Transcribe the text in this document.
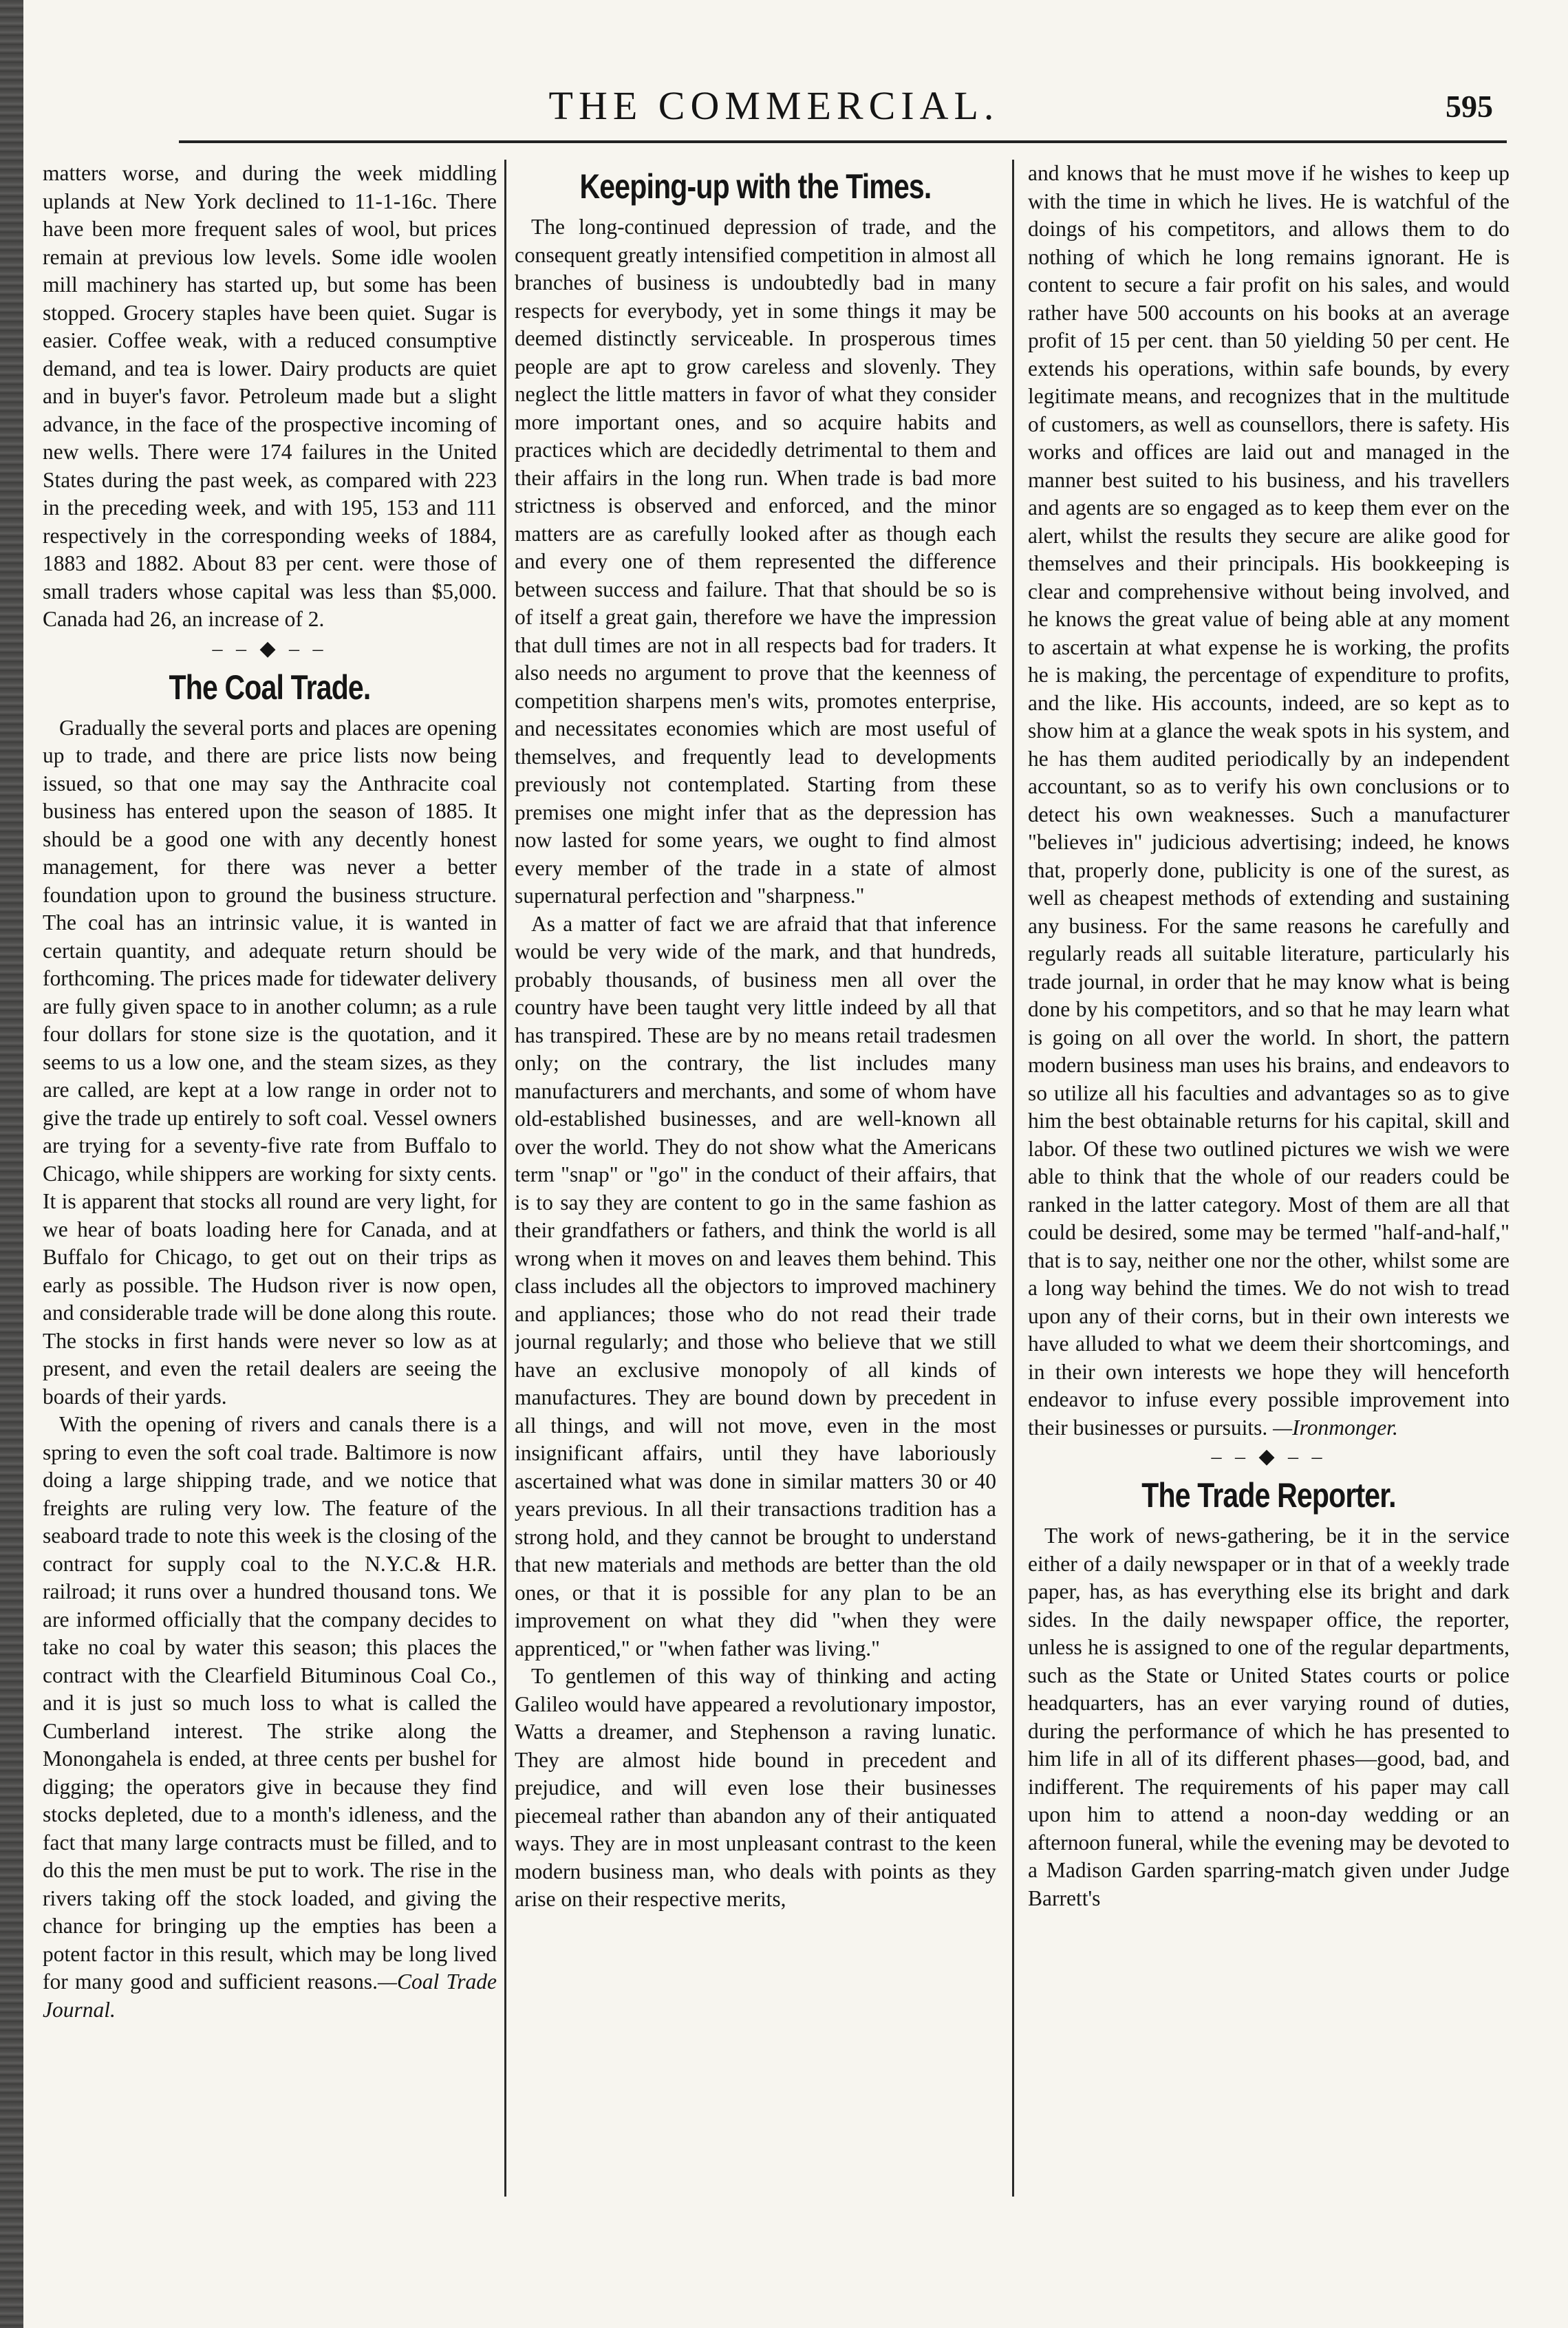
THE COMMERCIAL.	595

matters worse, and during the week middling uplands at New York declined to 11-1-16c. There have been more frequent sales of wool, but prices remain at previous low levels. Some idle woolen mill machinery has started up, but some has been stopped. Grocery staples have been quiet. Sugar is easier. Coffee weak, with a reduced consumptive demand, and tea is lower. Dairy products are quiet and in buyer's favor. Petroleum made but a slight advance, in the face of the prospective incoming of new wells. There were 174 failures in the United States during the past week, as compared with 223 in the preceding week, and with 195, 153 and 111 respectively in the corresponding weeks of 1884, 1883 and 1882. About 83 per cent. were those of small traders whose capital was less than $5,000. Canada had 26, an increase of 2.

– – ◆ – –
The Coal Trade.

Gradually the several ports and places are opening up to trade, and there are price lists now being issued, so that one may say the Anthracite coal business has entered upon the season of 1885. It should be a good one with any decently honest management, for there was never a better foundation upon to ground the business structure. The coal has an intrinsic value, it is wanted in certain quantity, and adequate return should be forthcoming. The prices made for tidewater delivery are fully given space to in another column; as a rule four dollars for stone size is the quotation, and it seems to us a low one, and the steam sizes, as they are called, are kept at a low range in order not to give the trade up entirely to soft coal. Vessel owners are trying for a seventy-five rate from Buffalo to Chicago, while shippers are working for sixty cents. It is apparent that stocks all round are very light, for we hear of boats loading here for Canada, and at Buffalo for Chicago, to get out on their trips as early as possible. The Hudson river is now open, and considerable trade will be done along this route. The stocks in first hands were never so low as at present, and even the retail dealers are seeing the boards of their yards.

With the opening of rivers and canals there is a spring to even the soft coal trade. Baltimore is now doing a large shipping trade, and we notice that freights are ruling very low. The feature of the seaboard trade to note this week is the closing of the contract for supply coal to the N.Y.C.& H.R. railroad; it runs over a hundred thousand tons. We are informed officially that the company decides to take no coal by water this season; this places the contract with the Clearfield Bituminous Coal Co., and it is just so much loss to what is called the Cumberland interest. The strike along the Monongahela is ended, at three cents per bushel for digging; the operators give in because they find stocks depleted, due to a month's idleness, and the fact that many large contracts must be filled, and to do this the men must be put to work. The rise in the rivers taking off the stock loaded, and giving the chance for bringing up the empties has been a potent factor in this result, which may be long lived for many good and sufficient reasons.—Coal Trade Journal.

Keeping-up with the Times.

The long-continued depression of trade, and the consequent greatly intensified competition in almost all branches of business is undoubtedly bad in many respects for everybody, yet in some things it may be deemed distinctly serviceable. In prosperous times people are apt to grow careless and slovenly. They neglect the little matters in favor of what they consider more important ones, and so acquire habits and practices which are decidedly detrimental to them and their affairs in the long run. When trade is bad more strictness is observed and enforced, and the minor matters are as carefully looked after as though each and every one of them represented the difference between success and failure. That that should be so is of itself a great gain, therefore we have the impression that dull times are not in all respects bad for traders. It also needs no argument to prove that the keenness of competition sharpens men's wits, promotes enterprise, and necessitates economies which are most useful of themselves, and frequently lead to developments previously not contemplated. Starting from these premises one might infer that as the depression has now lasted for some years, we ought to find almost every member of the trade in a state of almost supernatural perfection and "sharpness."

As a matter of fact we are afraid that that inference would be very wide of the mark, and that hundreds, probably thousands, of business men all over the country have been taught very little indeed by all that has transpired. These are by no means retail tradesmen only; on the contrary, the list includes many manufacturers and merchants, and some of whom have old-established businesses, and are well-known all over the world. They do not show what the Americans term "snap" or "go" in the conduct of their affairs, that is to say they are content to go in the same fashion as their grandfathers or fathers, and think the world is all wrong when it moves on and leaves them behind. This class includes all the objectors to improved machinery and appliances; those who do not read their trade journal regularly; and those who believe that we still have an exclusive monopoly of all kinds of manufactures. They are bound down by precedent in all things, and will not move, even in the most insignificant affairs, until they have laboriously ascertained what was done in similar matters 30 or 40 years previous. In all their transactions tradition has a strong hold, and they cannot be brought to understand that new materials and methods are better than the old ones, or that it is possible for any plan to be an improvement on what they did "when they were apprenticed," or "when father was living."

To gentlemen of this way of thinking and acting Galileo would have appeared a revolutionary impostor, Watts a dreamer, and Stephenson a raving lunatic. They are almost hide bound in precedent and prejudice, and will even lose their businesses piecemeal rather than abandon any of their antiquated ways. They are in most unpleasant contrast to the keen modern business man, who deals with points as they arise on their respective merits,

and knows that he must move if he wishes to keep up with the time in which he lives. He is watchful of the doings of his competitors, and allows them to do nothing of which he long remains ignorant. He is content to secure a fair profit on his sales, and would rather have 500 accounts on his books at an average profit of 15 per cent. than 50 yielding 50 per cent. He extends his operations, within safe bounds, by every legitimate means, and recognizes that in the multitude of customers, as well as counsellors, there is safety. His works and offices are laid out and managed in the manner best suited to his business, and his travellers and agents are so engaged as to keep them ever on the alert, whilst the results they secure are alike good for themselves and their principals. His bookkeeping is clear and comprehensive without being involved, and he knows the great value of being able at any moment to ascertain at what expense he is working, the profits he is making, the percentage of expenditure to profits, and the like. His accounts, indeed, are so kept as to show him at a glance the weak spots in his system, and he has them audited periodically by an independent accountant, so as to verify his own conclusions or to detect his own weaknesses. Such a manufacturer "believes in" judicious advertising; indeed, he knows that, properly done, publicity is one of the surest, as well as cheapest methods of extending and sustaining any business. For the same reasons he carefully and regularly reads all suitable literature, particularly his trade journal, in order that he may know what is being done by his competitors, and so that he may learn what is going on all over the world. In short, the pattern modern business man uses his brains, and endeavors to so utilize all his faculties and advantages so as to give him the best obtainable returns for his capital, skill and labor. Of these two outlined pictures we wish we were able to think that the whole of our readers could be ranked in the latter category. Most of them are all that could be desired, some may be termed "half-and-half," that is to say, neither one nor the other, whilst some are a long way behind the times. We do not wish to tread upon any of their corns, but in their own interests we have alluded to what we deem their shortcomings, and in their own interests we hope they will henceforth endeavor to infuse every possible improvement into their businesses or pursuits. —Ironmonger.

– – ◆ – –
The Trade Reporter.

The work of news-gathering, be it in the service either of a daily newspaper or in that of a weekly trade paper, has, as has everything else its bright and dark sides. In the daily newspaper office, the reporter, unless he is assigned to one of the regular departments, such as the State or United States courts or police headquarters, has an ever varying round of duties, during the performance of which he has presented to him life in all of its different phases—good, bad, and indifferent. The requirements of his paper may call upon him to attend a noon-day wedding or an afternoon funeral, while the evening may be devoted to a Madison Garden sparring-match given under Judge Barrett's
